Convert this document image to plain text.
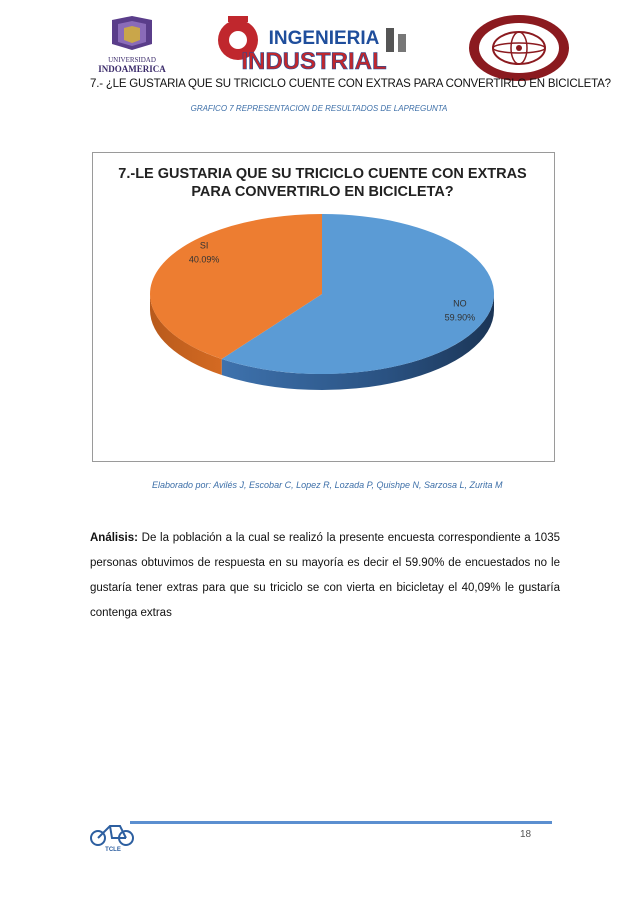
UNIVERSIDAD
INDOAMERICA
INGENIERIA
INDUSTRIAL
7.- ¿LE GUSTARIA QUE SU TRICICLO CUENTE CON EXTRAS PARA CONVERTIRLO EN BICICLETA?
GRAFICO 7 REPRESENTACION DE RESULTADOS DE LAPREGUNTA
7.-LE GUSTARIA QUE SU TRICICLO CUENTE CON EXTRAS
PARA CONVERTIRLO EN BICICLETA?
NO
59.90%
SI
40.09%
Elaborado por: Avilés J, Escobar C, Lopez R, Lozada P, Quishpe N, Sarzosa L, Zurita M
Análisis: De la población a la cual se realizó la presente encuesta correspondiente a 1035 personas obtuvimos de respuesta en su mayoría es decir el 59.90% de encuestados no le gustaría tener extras para que su triciclo se con vierta en bicicletay el 40,09% le gustaría contenga extras
TCLE
18
